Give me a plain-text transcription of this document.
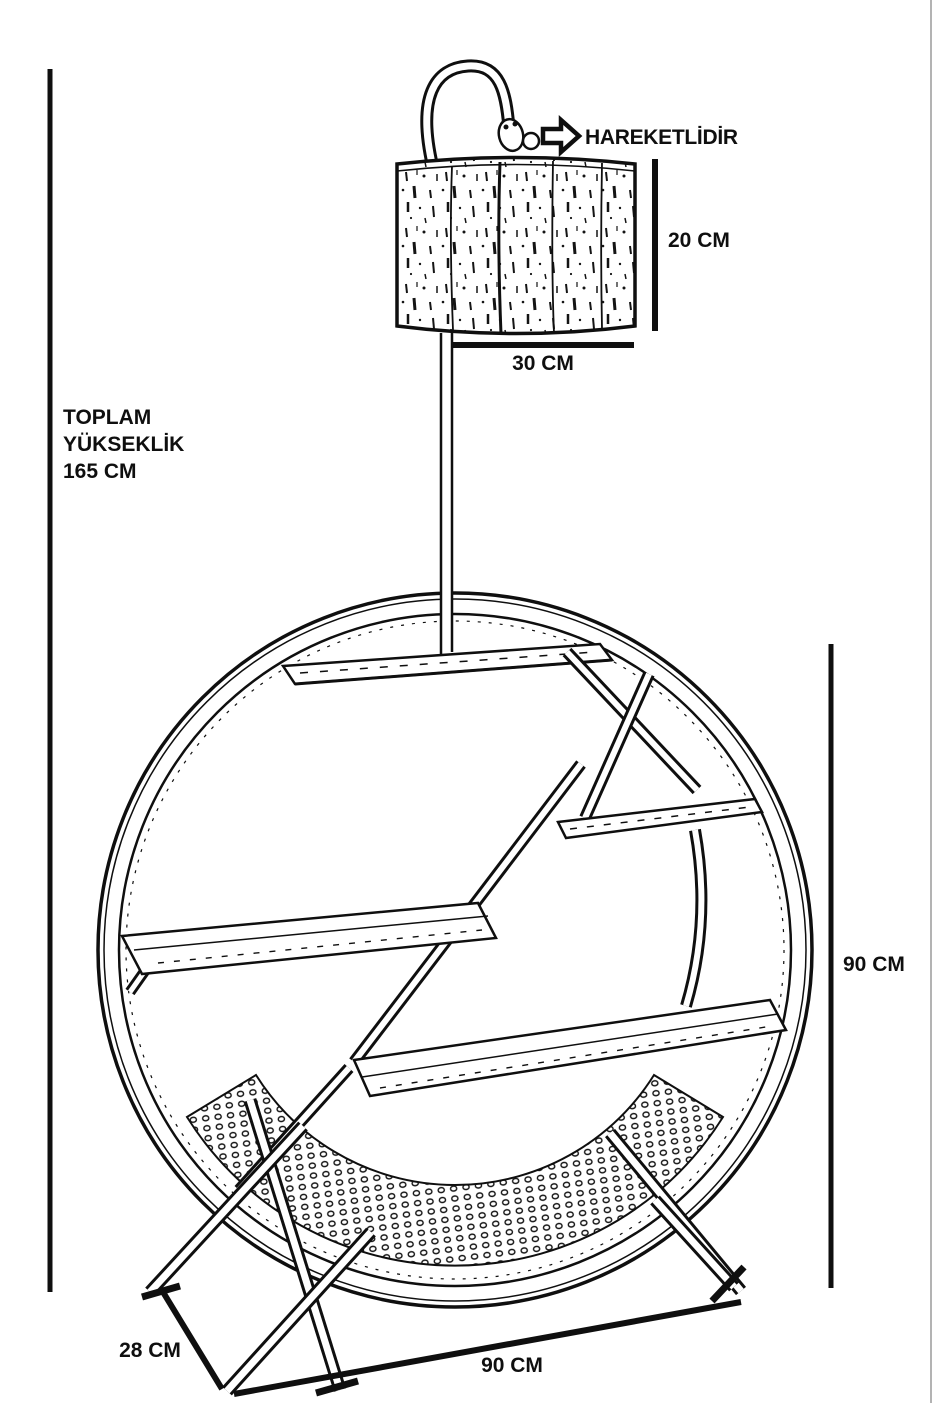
TOPLAM
YÜKSEKLİK
165 CM
HAREKETLİDİR
20 CM
30 CM
90 CM
28 CM
90 CM
